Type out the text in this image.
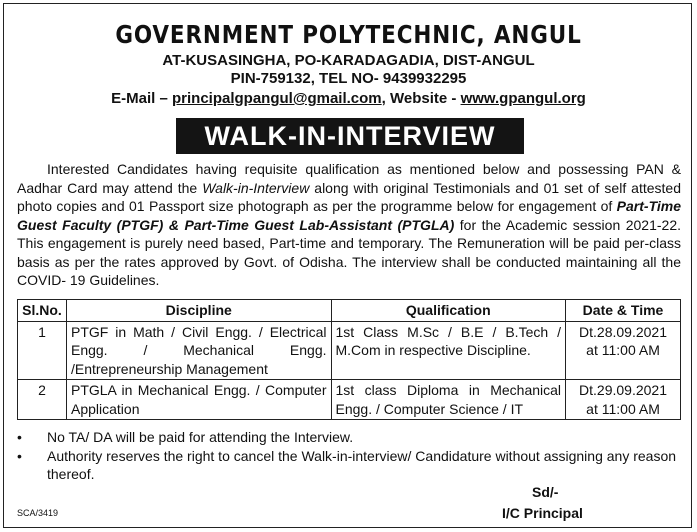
GOVERNMENT POLYTECHNIC, ANGUL
AT-KUSASINGHA, PO-KARADAGADIA, DIST-ANGUL
PIN-759132, TEL NO- 9439932295
E-Mail – principalgpangul@gmail.com, Website - www.gpangul.org
WALK-IN-INTERVIEW

Interested Candidates having requisite qualification as mentioned below and possessing PAN & Aadhar Card may attend the Walk-in-Interview along with original Testimonials and 01 set of self attested photo copies and 01 Passport size photograph as per the programme below for engagement of Part-Time Guest Faculty (PTGF) & Part-Time Guest Lab-Assistant (PTGLA) for the Academic session 2021-22. This engagement is purely need based, Part-time and temporary. The Remuneration will be paid per-class basis as per the rates approved by Govt. of Odisha. The interview shall be conducted maintaining all the COVID- 19 Guidelines.

Sl.No.	Discipline	Qualification	Date & Time
1	PTGF in Math / Civil Engg. / Electrical Engg. / Mechanical Engg. /Entrepreneurship Management	1st Class M.Sc / B.E / B.Tech / M.Com in respective Discipline.	Dt.28.09.2021
at 11:00 AM

2	PTGLA in Mechanical Engg. / Computer Application	1st class Diploma in Mechanical Engg. / Computer Science / IT	Dt.29.09.2021
at 11:00 AM
•	No TA/ DA will be paid for attending the Interview.
•	Authority reserves the right to cancel the Walk-in-interview/ Candidature without assigning any reason thereof.
Sd/-
I/C Principal
SCA/3419
